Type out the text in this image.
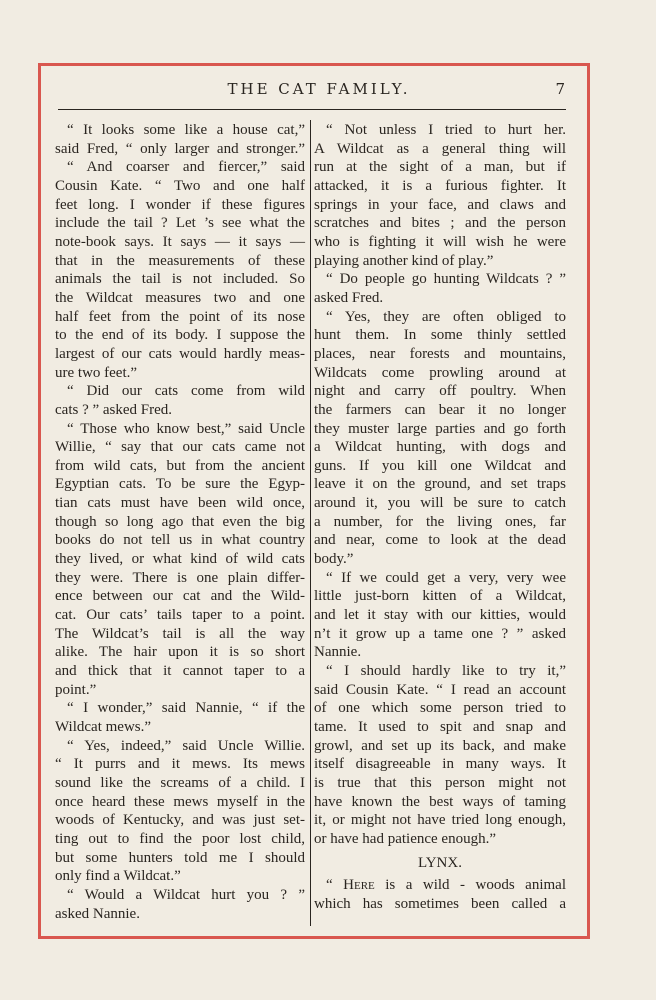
THE CAT FAMILY.	7
“ It looks some like a house cat,”
said Fred, “ only larger and stronger.”
“ And coarser and fiercer,” said
Cousin Kate. “ Two and one half
feet long. I wonder if these figures
include the tail ? Let ’s see what the
note-book says. It says — it says —
that in the measurements of these
animals the tail is not included. So
the Wildcat measures two and one
half feet from the point of its nose
to the end of its body. I suppose the
largest of our cats would hardly meas-
ure two feet.”
“ Did our cats come from wild
cats ? ” asked Fred.
“ Those who know best,” said Uncle
Willie, “ say that our cats came not
from wild cats, but from the ancient
Egyptian cats. To be sure the Egyp-
tian cats must have been wild once,
though so long ago that even the big
books do not tell us in what country
they lived, or what kind of wild cats
they were. There is one plain differ-
ence between our cat and the Wild-
cat. Our cats’ tails taper to a point.
The Wildcat’s tail is all the way
alike. The hair upon it is so short
and thick that it cannot taper to a
point.”
“ I wonder,” said Nannie, “ if the
Wildcat mews.”
“ Yes, indeed,” said Uncle Willie.
“ It purrs and it mews. Its mews
sound like the screams of a child. I
once heard these mews myself in the
woods of Kentucky, and was just set-
ting out to find the poor lost child,
but some hunters told me I should
only find a Wildcat.”
“ Would a Wildcat hurt you ? ”
asked Nannie.
“ Not unless I tried to hurt her.
A Wildcat as a general thing will
run at the sight of a man, but if
attacked, it is a furious fighter. It
springs in your face, and claws and
scratches and bites ; and the person
who is fighting it will wish he were
playing another kind of play.”
“ Do people go hunting Wildcats ? ”
asked Fred.
“ Yes, they are often obliged to
hunt them. In some thinly settled
places, near forests and mountains,
Wildcats come prowling around at
night and carry off poultry. When
the farmers can bear it no longer
they muster large parties and go forth
a Wildcat hunting, with dogs and
guns. If you kill one Wildcat and
leave it on the ground, and set traps
around it, you will be sure to catch
a number, for the living ones, far
and near, come to look at the dead
body.”
“ If we could get a very, very wee
little just-born kitten of a Wildcat,
and let it stay with our kitties, would
n’t it grow up a tame one ? ” asked
Nannie.
“ I should hardly like to try it,”
said Cousin Kate. “ I read an account
of one which some person tried to
tame. It used to spit and snap and
growl, and set up its back, and make
itself disagreeable in many ways. It
is true that this person might not
have known the best ways of taming
it, or might not have tried long enough,
or have had patience enough.”
LYNX.
“ Here is a wild - woods animal
which has sometimes been called a
